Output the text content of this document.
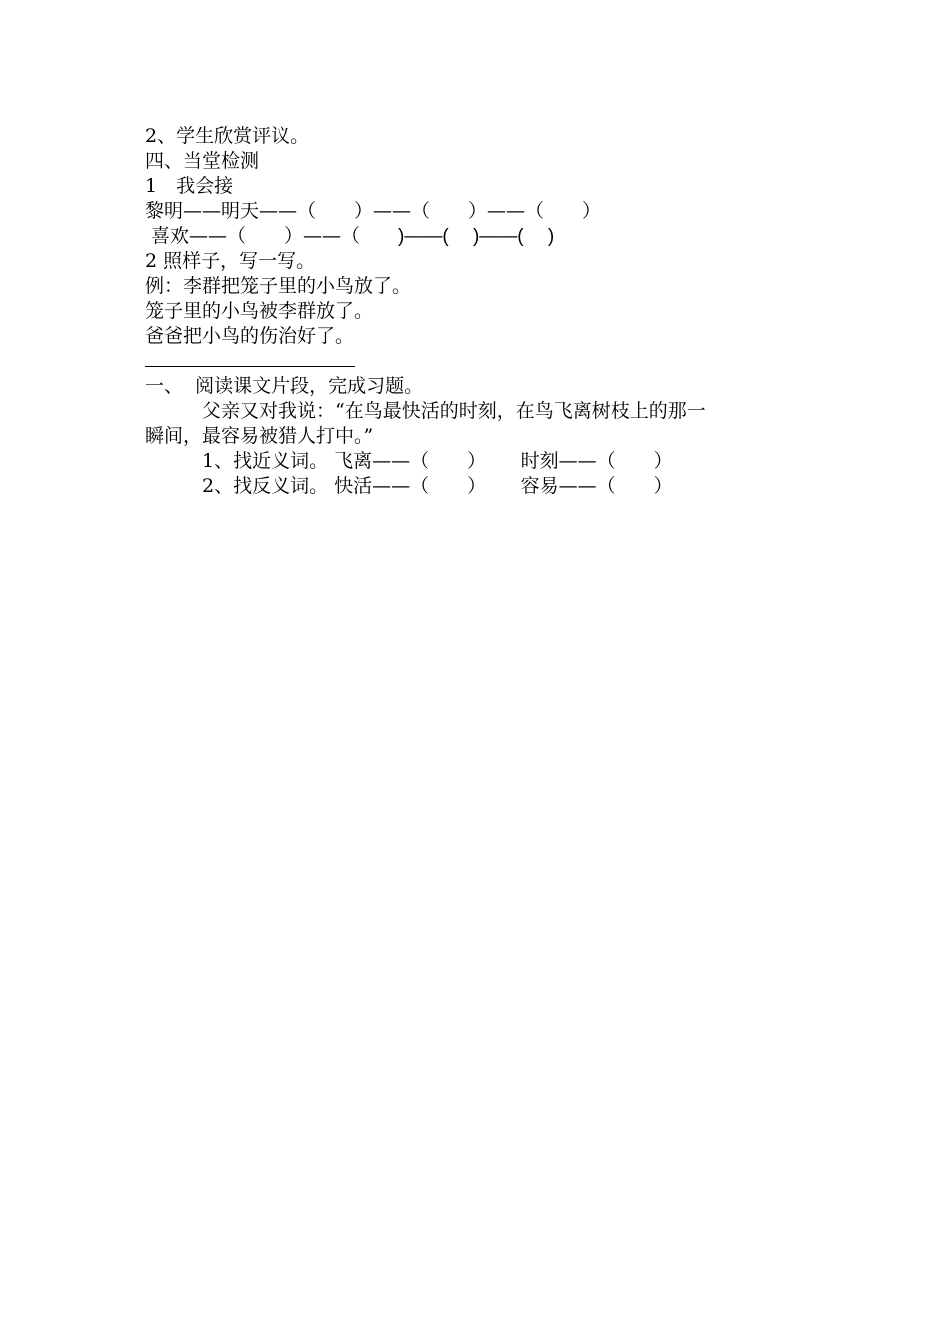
2、学生欣赏评议。
四、当堂检测
1　我会接
黎明——明天——（　　）——（　　）——（　　）
喜欢——（　　）——（　　)——(　 )——(　 )
2 照样子，写一写。
例：李群把笼子里的小鸟放了。
笼子里的小鸟被李群放了。
爸爸把小鸟的伤治好了。
一、  阅读课文片段，完成习题。
　　　父亲又对我说：“在鸟最快活的时刻，在鸟飞离树枝上的那一
瞬间，最容易被猎人打中。”
　　　1、找近义词。 飞离——（　　）　　 时刻——（　　）
　　　2、找反义词。 快活——（　　）　　 容易——（　　）
